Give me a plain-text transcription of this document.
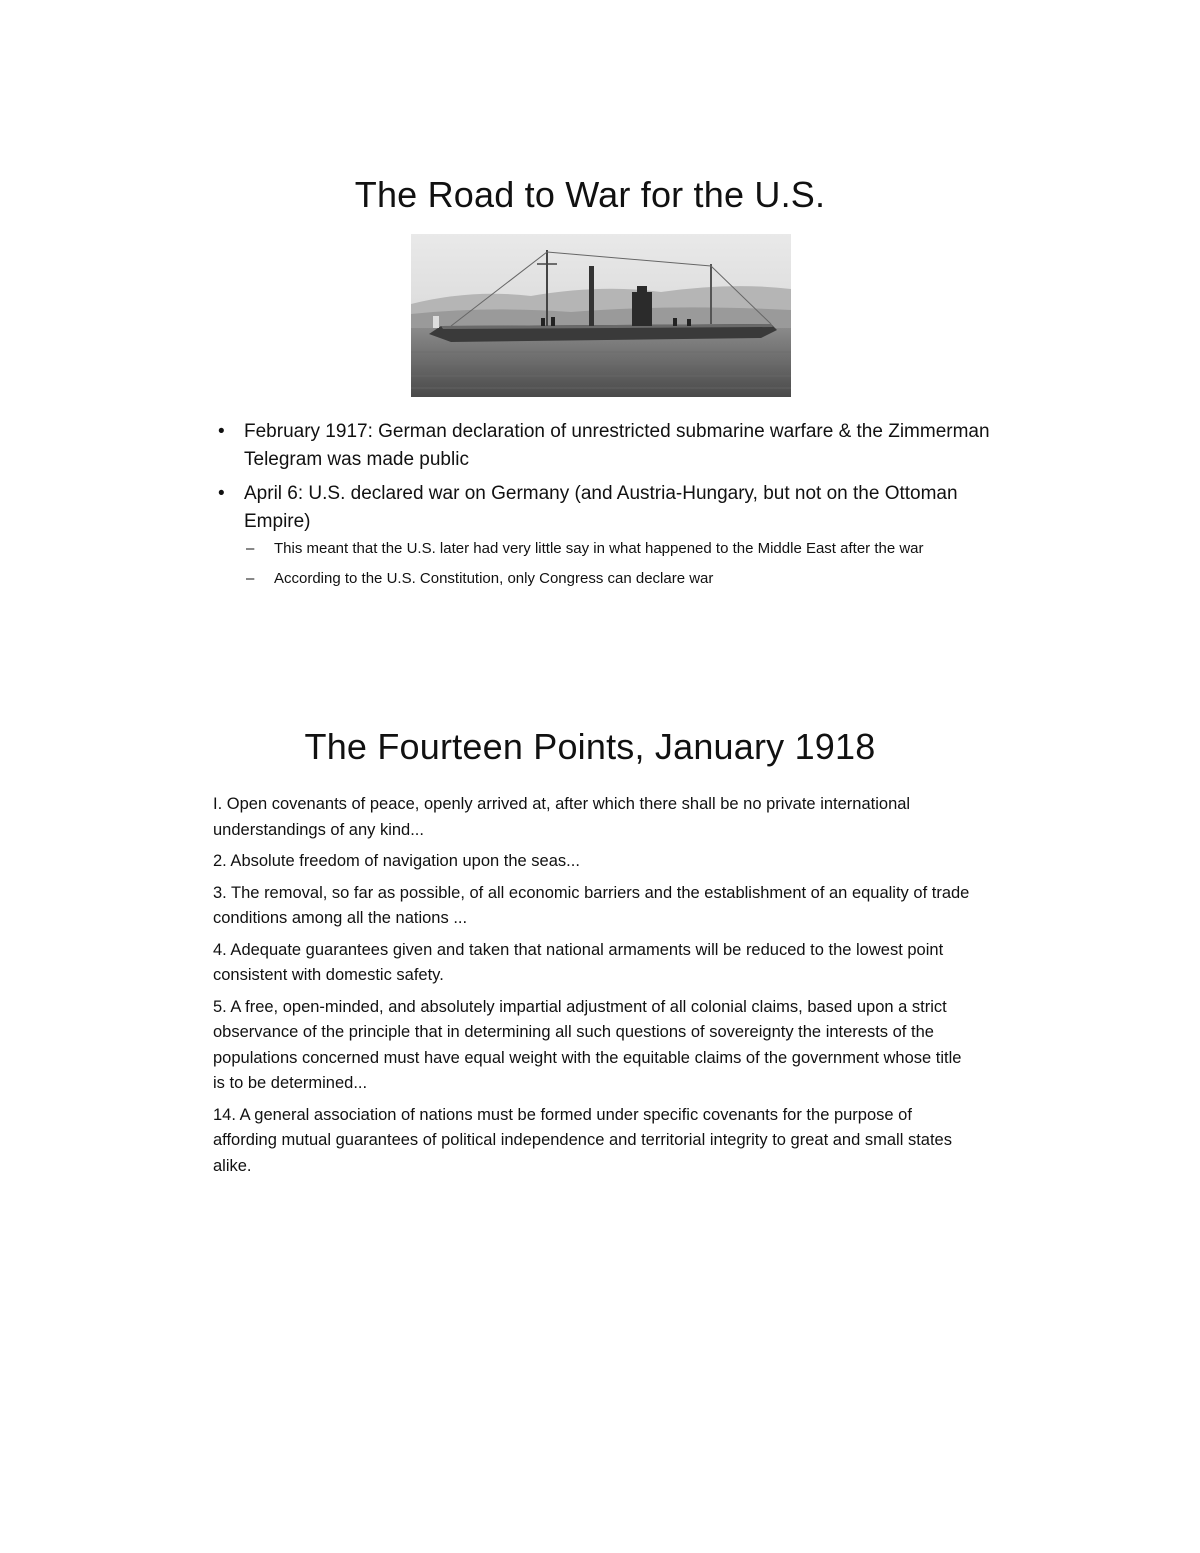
The Road to War for the U.S.
• February 1917: German declaration of unrestricted submarine warfare & the Zimmerman Telegram was made public
• April 6: U.S. declared war on Germany (and Austria-Hungary, but not on the Ottoman Empire)
– This meant that the U.S. later had very little say in what happened to the Middle East after the war
– According to the U.S. Constitution, only Congress can declare war
The Fourteen Points, January 1918

I. Open covenants of peace, openly arrived at, after which there shall be no private international understandings of any kind...

2. Absolute freedom of navigation upon the seas...

3. The removal, so far as possible, of all economic barriers and the establishment of an equality of trade conditions among all the nations ...

4. Adequate guarantees given and taken that national armaments will be reduced to the lowest point consistent with domestic safety.

5. A free, open-minded, and absolutely impartial adjustment of all colonial claims, based upon a strict observance of the principle that in determining all such questions of sovereignty the interests of the populations concerned must have equal weight with the equitable claims of the government whose title is to be determined...

14. A general association of nations must be formed under specific covenants for the purpose of affording mutual guarantees of political independence and territorial integrity to great and small states alike.
